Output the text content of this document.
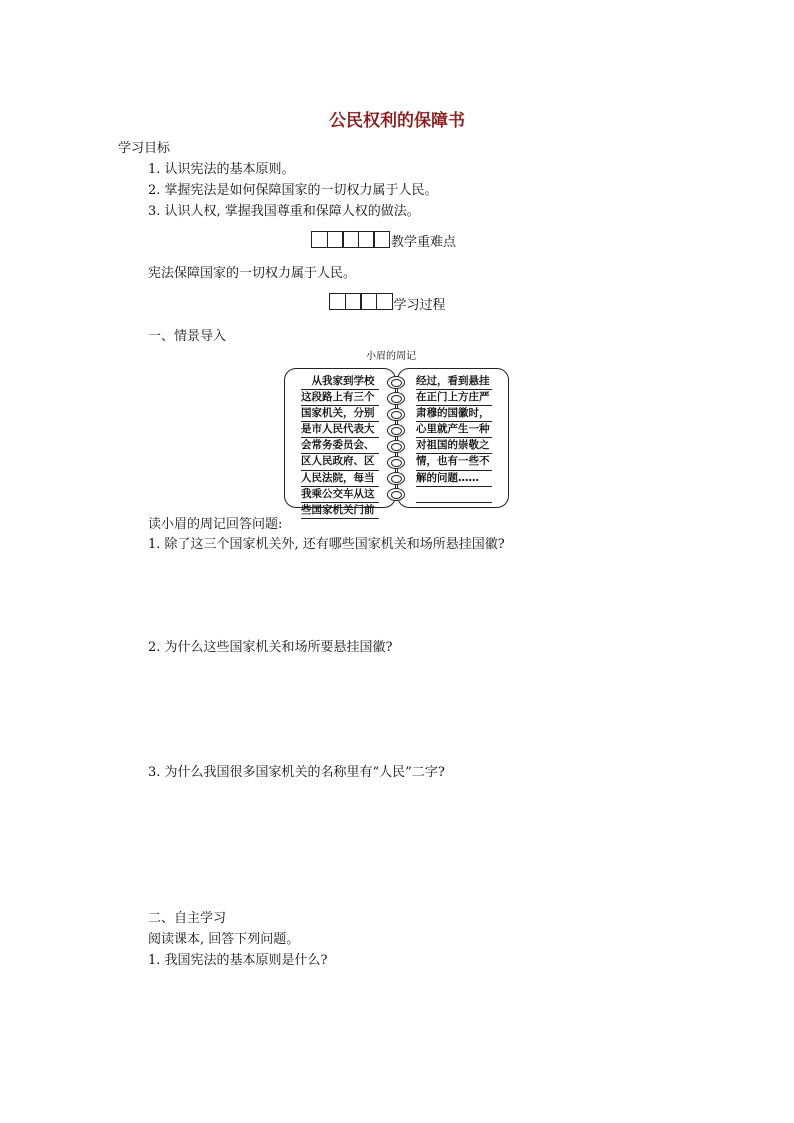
公民权利的保障书
学习目标
1. 认识宪法的基本原则。
2. 掌握宪法是如何保障国家的一切权力属于人民。
3. 认识人权, 掌握我国尊重和保障人权的做法。
教学重难点
宪法保障国家的一切权力属于人民。
学习过程
一、情景导入
小眉的周记
　从我家到学校
这段路上有三个
国家机关，分别
是市人民代表大
会常务委员会、
区人民政府、区
人民法院，每当
我乘公交车从这
些国家机关门前
经过，看到悬挂
在正门上方庄严
肃穆的国徽时，
心里就产生一种
对祖国的崇敬之
情，也有一些不
解的问题……
读小眉的周记回答问题:
1. 除了这三个国家机关外, 还有哪些国家机关和场所悬挂国徽?
2. 为什么这些国家机关和场所要悬挂国徽?
3. 为什么我国很多国家机关的名称里有“人民”二字?
二、自主学习
阅读课本, 回答下列问题。
1. 我国宪法的基本原则是什么?
